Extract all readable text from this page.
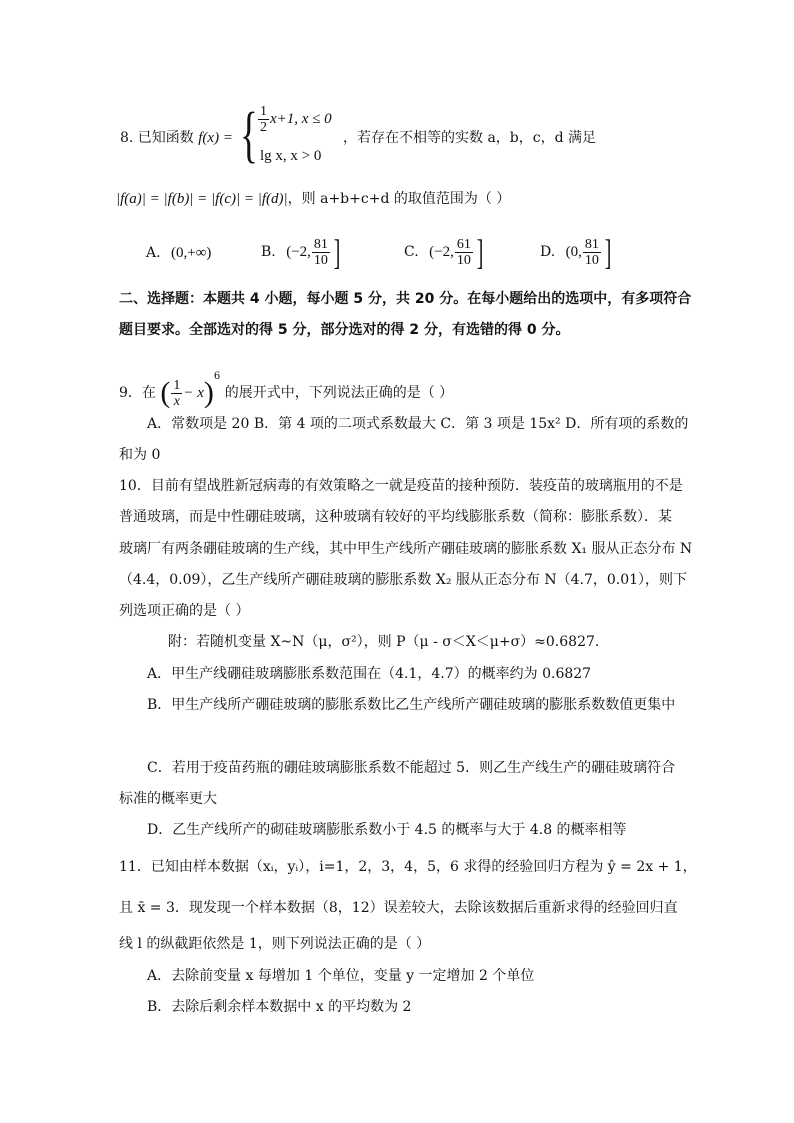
8. 已知函数 f(x) = { $\frac{1}{2} x+1$, x ≤ 0
lg x, x > 0
，若存在不相等的实数 a，b，c，d 满足
|f(a)| = |f(b)| = |f(c)| = |f(d)|，则 a+b+c+d 的取值范围为（ ）
A. (0,+∞)	B. (−2, $\frac{81}{10}$ ]	C. (−2, $\frac{61}{10}$ ]	D. (0, $\frac{81}{10}$ ]
二、选择题：本题共 4 小题，每小题 5 分，共 20 分。在每小题给出的选项中，有多项符合
题目要求。全部选对的得 5 分，部分选对的得 2 分，有选错的得 0 分。
9．在 ( $\frac{1}{x} - x)^6$ 的展开式中，下列说法正确的是（ ）
A．常数项是 20 B．第 4 项的二项式系数最大 C．第 3 项是 15x² D．所有项的系数的
和为 0
10．目前有望战胜新冠病毒的有效策略之一就是疫苗的接种预防．装疫苗的玻璃瓶用的不是
普通玻璃，而是中性硼硅玻璃，这种玻璃有较好的平均线膨胀系数（简称：膨胀系数）．某
玻璃厂有两条硼硅玻璃的生产线，其中甲生产线所产硼硅玻璃的膨胀系数 X₁ 服从正态分布 N
（4.4，0.09），乙生产线所产硼硅玻璃的膨胀系数 X₂ 服从正态分布 N（4.7，0.01），则下
列选项正确的是（ ）
附：若随机变量 X~N（μ，σ²），则 P（μ - σ＜X＜μ+σ）≈0.6827.
A．甲生产线硼硅玻璃膨胀系数范围在（4.1，4.7）的概率约为 0.6827
B．甲生产线所产硼硅玻璃的膨胀系数比乙生产线所产硼硅玻璃的膨胀系数数值更集中
C．若用于疫苗药瓶的硼硅玻璃膨胀系数不能超过 5．则乙生产线生产的硼硅玻璃符合
标准的概率更大
D．乙生产线所产的砌硅玻璃膨胀系数小于 4.5 的概率与大于 4.8 的概率相等
11．已知由样本数据（xᵢ，yᵢ），i=1，2，3，4，5，6 求得的经验回归方程为 ŷ = 2x + 1，
且 x̄ = 3．现发现一个样本数据（8，12）误差较大，去除该数据后重新求得的经验回归直
线 l 的纵截距依然是 1，则下列说法正确的是（ ）
A．去除前变量 x 每增加 1 个单位，变量 y 一定增加 2 个单位
B．去除后剩余样本数据中 x 的平均数为 2
